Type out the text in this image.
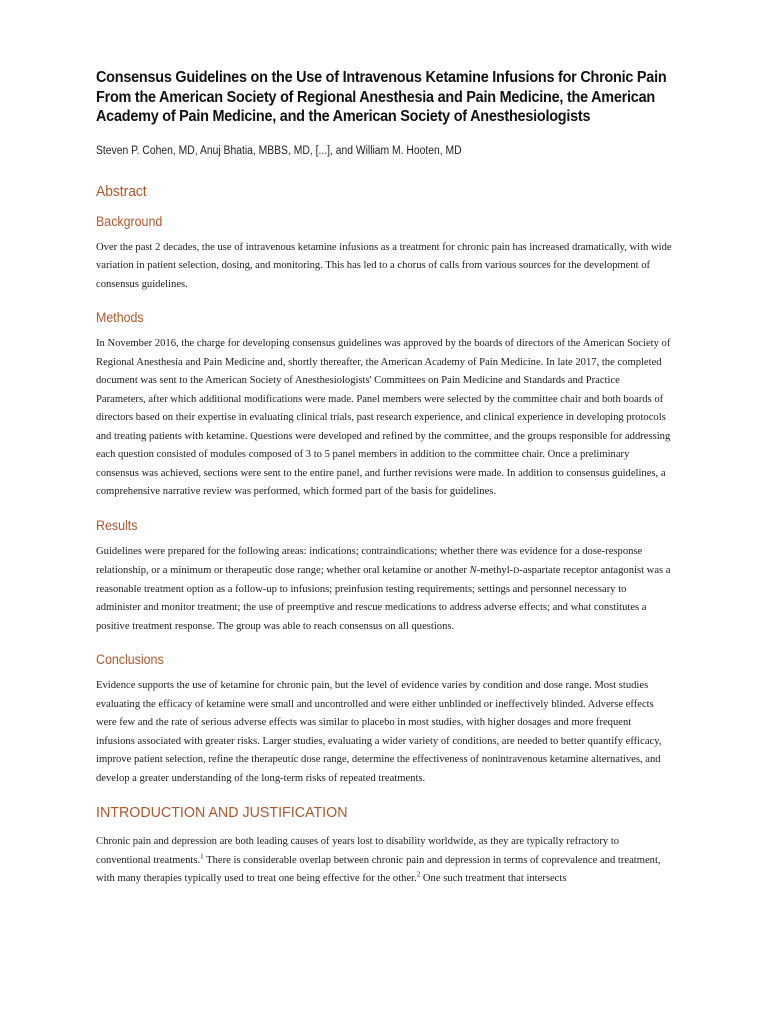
Consensus Guidelines on the Use of Intravenous Ketamine Infusions for Chronic Pain From the American Society of Regional Anesthesia and Pain Medicine, the American Academy of Pain Medicine, and the American Society of Anesthesiologists
Steven P. Cohen, MD, Anuj Bhatia, MBBS, MD, [...], and William M. Hooten, MD
Abstract
Background

Over the past 2 decades, the use of intravenous ketamine infusions as a treatment for chronic pain has increased dramatically, with wide variation in patient selection, dosing, and monitoring. This has led to a chorus of calls from various sources for the development of consensus guidelines.

Methods

In November 2016, the charge for developing consensus guidelines was approved by the boards of directors of the American Society of Regional Anesthesia and Pain Medicine and, shortly thereafter, the American Academy of Pain Medicine. In late 2017, the completed document was sent to the American Society of Anesthesiologists' Committees on Pain Medicine and Standards and Practice Parameters, after which additional modifications were made. Panel members were selected by the committee chair and both boards of directors based on their expertise in evaluating clinical trials, past research experience, and clinical experience in developing protocols and treating patients with ketamine. Questions were developed and refined by the committee, and the groups responsible for addressing each question consisted of modules composed of 3 to 5 panel members in addition to the committee chair. Once a preliminary consensus was achieved, sections were sent to the entire panel, and further revisions were made. In addition to consensus guidelines, a comprehensive narrative review was performed, which formed part of the basis for guidelines.

Results

Guidelines were prepared for the following areas: indications; contraindications; whether there was evidence for a dose-response relationship, or a minimum or therapeutic dose range; whether oral ketamine or another N-methyl-D-aspartate receptor antagonist was a reasonable treatment option as a follow-up to infusions; preinfusion testing requirements; settings and personnel necessary to administer and monitor treatment; the use of preemptive and rescue medications to address adverse effects; and what constitutes a positive treatment response. The group was able to reach consensus on all questions.

Conclusions

Evidence supports the use of ketamine for chronic pain, but the level of evidence varies by condition and dose range. Most studies evaluating the efficacy of ketamine were small and uncontrolled and were either unblinded or ineffectively blinded. Adverse effects were few and the rate of serious adverse effects was similar to placebo in most studies, with higher dosages and more frequent infusions associated with greater risks. Larger studies, evaluating a wider variety of conditions, are needed to better quantify efficacy, improve patient selection, refine the therapeutic dose range, determine the effectiveness of nonintravenous ketamine alternatives, and develop a greater understanding of the long-term risks of repeated treatments.

INTRODUCTION AND JUSTIFICATION

Chronic pain and depression are both leading causes of years lost to disability worldwide, as they are typically refractory to conventional treatments.$^1$ There is considerable overlap between chronic pain and depression in terms of coprevalence and treatment, with many therapies typically used to treat one being effective for the other.$^2$ One such treatment that intersects
